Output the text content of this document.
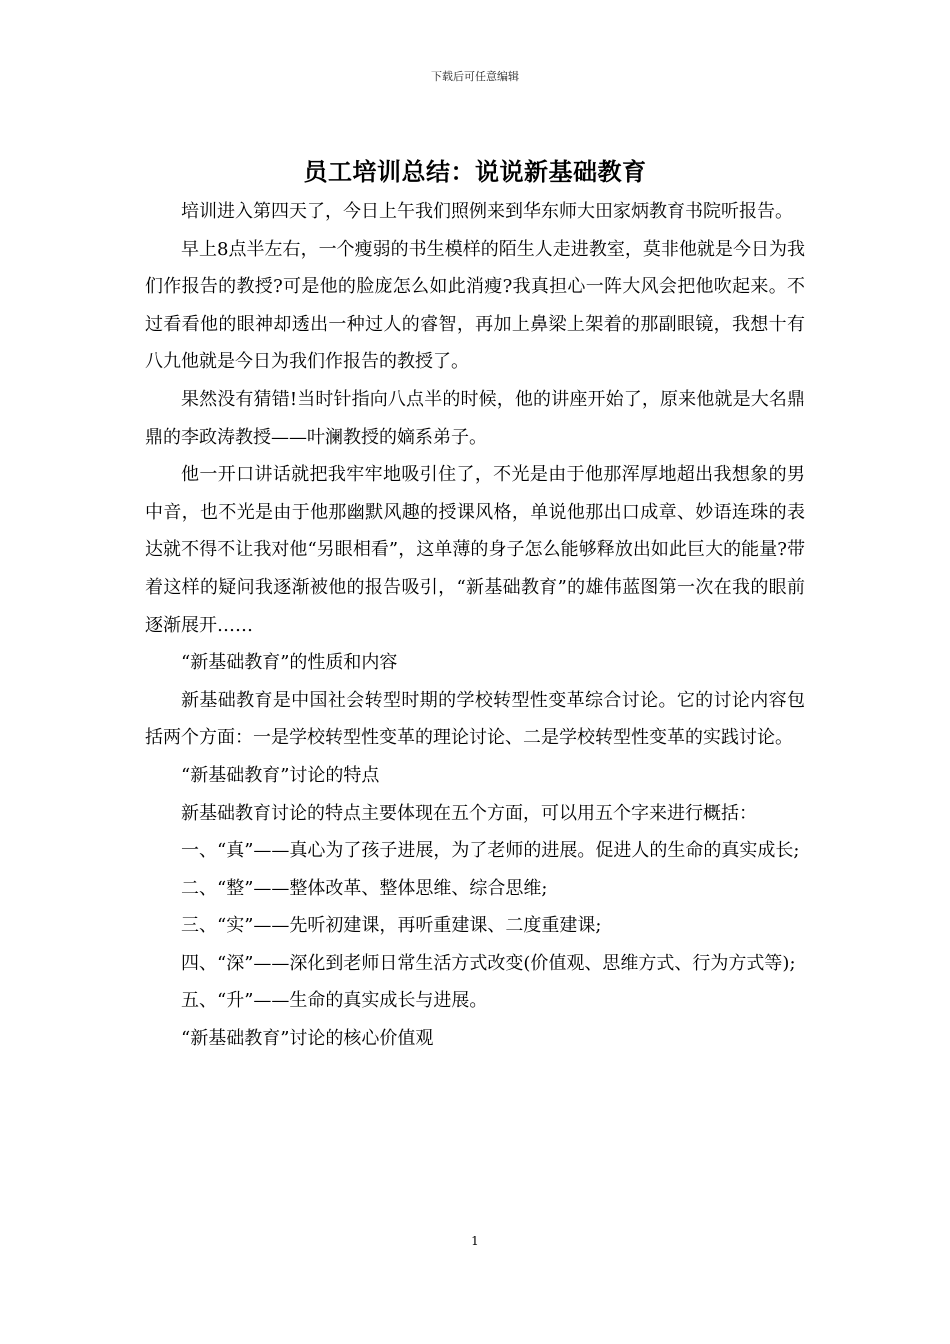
下载后可任意编辑
员工培训总结：说说新基础教育

培训进入第四天了，今日上午我们照例来到华东师大田家炳教育书院听报告。

早上8点半左右，一个瘦弱的书生模样的陌生人走进教室，莫非他就是今日为我们作报告的教授?可是他的脸庞怎么如此消瘦?我真担心一阵大风会把他吹起来。不过看看他的眼神却透出一种过人的睿智，再加上鼻梁上架着的那副眼镜，我想十有八九他就是今日为我们作报告的教授了。

果然没有猜错!当时针指向八点半的时候，他的讲座开始了，原来他就是大名鼎鼎的李政涛教授——叶澜教授的嫡系弟子。

他一开口讲话就把我牢牢地吸引住了，不光是由于他那浑厚地超出我想象的男中音，也不光是由于他那幽默风趣的授课风格，单说他那出口成章、妙语连珠的表达就不得不让我对他“另眼相看”，这单薄的身子怎么能够释放出如此巨大的能量?带着这样的疑问我逐渐被他的报告吸引，“新基础教育”的雄伟蓝图第一次在我的眼前逐渐展开……

“新基础教育”的性质和内容

新基础教育是中国社会转型时期的学校转型性变革综合讨论。它的讨论内容包括两个方面：一是学校转型性变革的理论讨论、二是学校转型性变革的实践讨论。

“新基础教育”讨论的特点

新基础教育讨论的特点主要体现在五个方面，可以用五个字来进行概括：

一、“真”——真心为了孩子进展，为了老师的进展。促进人的生命的真实成长;

二、“整”——整体改革、整体思维、综合思维;

三、“实”——先听初建课，再听重建课、二度重建课;

四、“深”——深化到老师日常生活方式改变(价值观、思维方式、行为方式等);

五、“升”——生命的真实成长与进展。

“新基础教育”讨论的核心价值观

1
